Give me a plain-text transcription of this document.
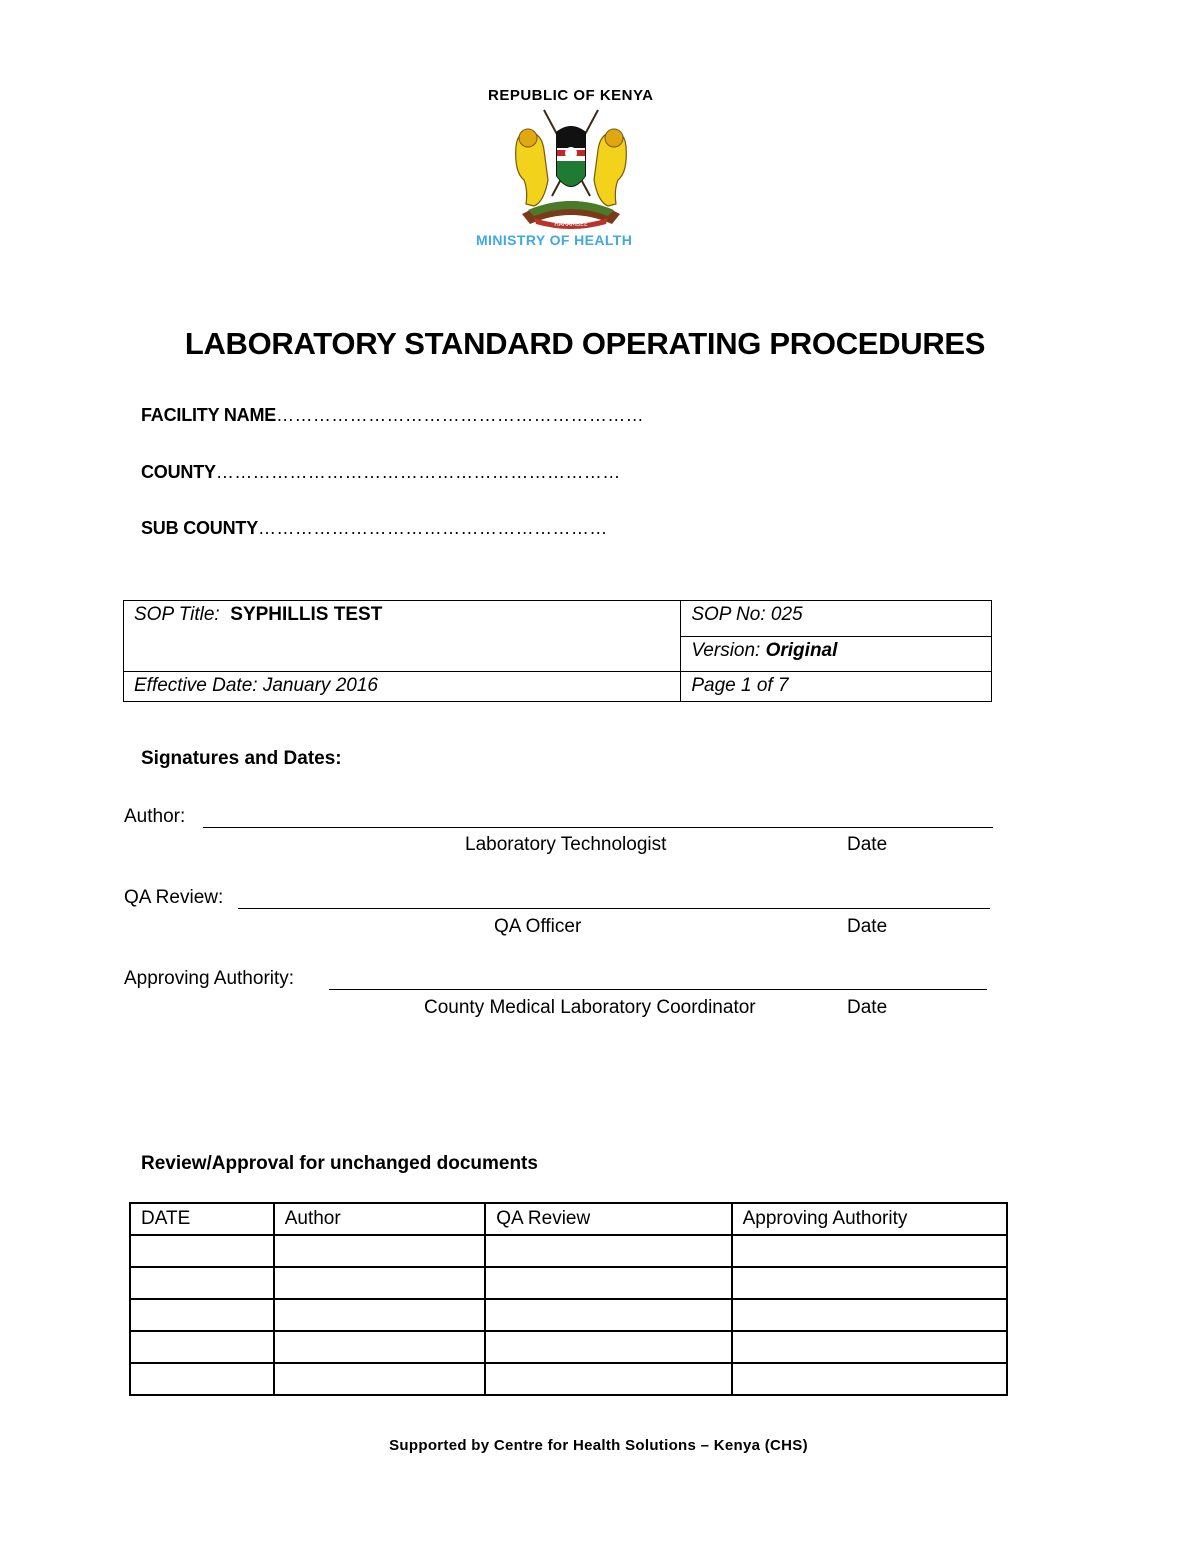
REPUBLIC OF KENYA
HARAMBEE
MINISTRY OF HEALTH
LABORATORY STANDARD OPERATING PROCEDURES
FACILITY NAME……………………………………………………
COUNTY…………………………………………………………
SUB COUNTY…………………………………………………
SOP Title: SYPHILLIS TEST	SOP No: 025
	Version: Original
Effective Date: January 2016	Page 1 of 7
Signatures and Dates:
Author:
Laboratory Technologist	Date
QA Review:
QA Officer	Date
Approving Authority:
County Medical Laboratory Coordinator	Date
Review/Approval for unchanged documents
DATE	Author	QA Review	Approving Authority

Supported by Centre for Health Solutions – Kenya (CHS)
